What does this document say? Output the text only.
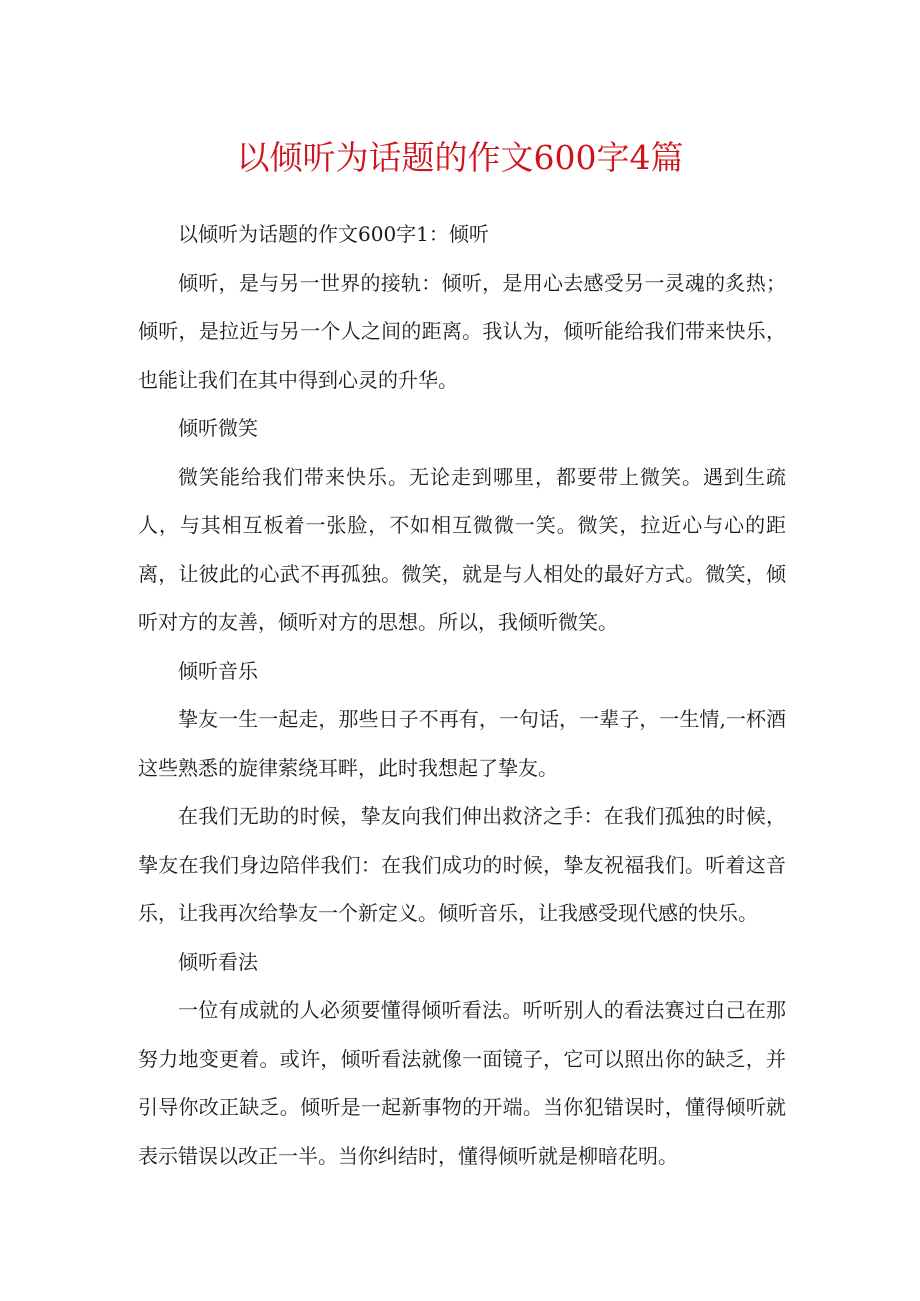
以倾听为话题的作文600字4篇

以倾听为话题的作文600字1：倾听

倾听，是与另一世界的接轨：倾听，是用心去感受另一灵魂的炙热；倾听，是拉近与另一个人之间的距离。我认为，倾听能给我们带来快乐，也能让我们在其中得到心灵的升华。

倾听微笑

微笑能给我们带来快乐。无论走到哪里，都要带上微笑。遇到生疏人，与其相互板着一张脸，不如相互微微一笑。微笑，拉近心与心的距离，让彼此的心武不再孤独。微笑，就是与人相处的最好方式。微笑，倾听对方的友善，倾听对方的思想。所以，我倾听微笑。

倾听音乐

挚友一生一起走，那些日子不再有，一句话，一辈子，一生情,一杯酒这些熟悉的旋律萦绕耳畔，此时我想起了挚友。

在我们无助的时候，挚友向我们伸出救济之手：在我们孤独的时候，挚友在我们身边陪伴我们：在我们成功的时候，挚友祝福我们。听着这音乐，让我再次给挚友一个新定义。倾听音乐，让我感受现代感的快乐。

倾听看法

一位有成就的人必须要懂得倾听看法。听听别人的看法赛过白己在那努力地变更着。或许，倾听看法就像一面镜子，它可以照出你的缺乏，并引导你改正缺乏。倾听是一起新事物的开端。当你犯错误时，懂得倾听就表示错误以改正一半。当你纠结时，懂得倾听就是柳暗花明。
